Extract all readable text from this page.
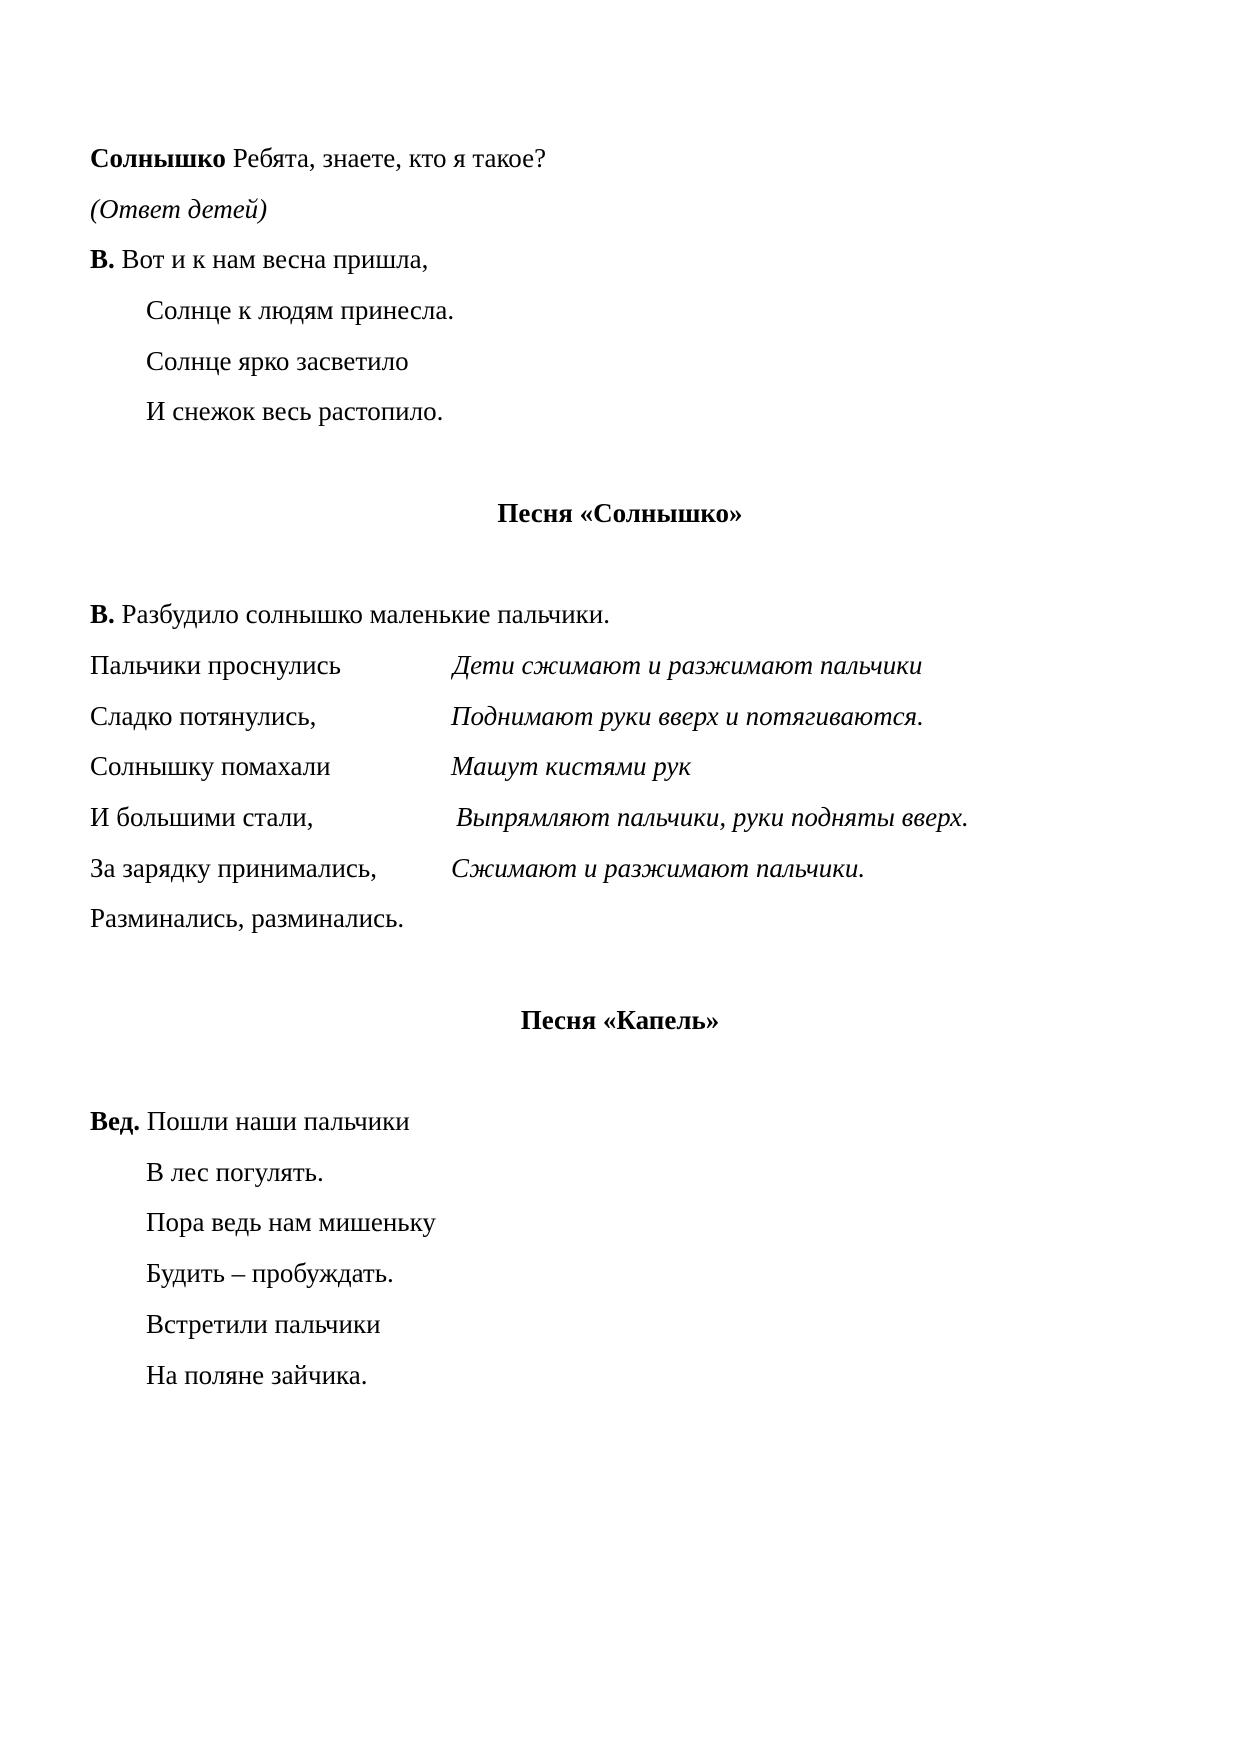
Солнышко Ребята, знаете, кто я такое?
(Ответ детей)
В. Вот и к нам весна пришла,
Солнце к людям принесла.
Солнце ярко засветило
И снежок весь растопило.
Песня «Солнышко»
В. Разбудило солнышко маленькие пальчики.
Пальчики проснулись	Дети сжимают и разжимают пальчики
Сладко потянулись,	Поднимают руки вверх и потягиваются.
Солнышку помахали	Машут кистями рук
И большими стали,	Выпрямляют пальчики, руки подняты вверх.
За зарядку принимались,	Сжимают и разжимают пальчики.
Разминались, разминались.
Песня «Капель»
Вед. Пошли наши пальчики
В лес погулять.
Пора ведь нам мишеньку
Будить – пробуждать.
Встретили пальчики
На поляне зайчика.
